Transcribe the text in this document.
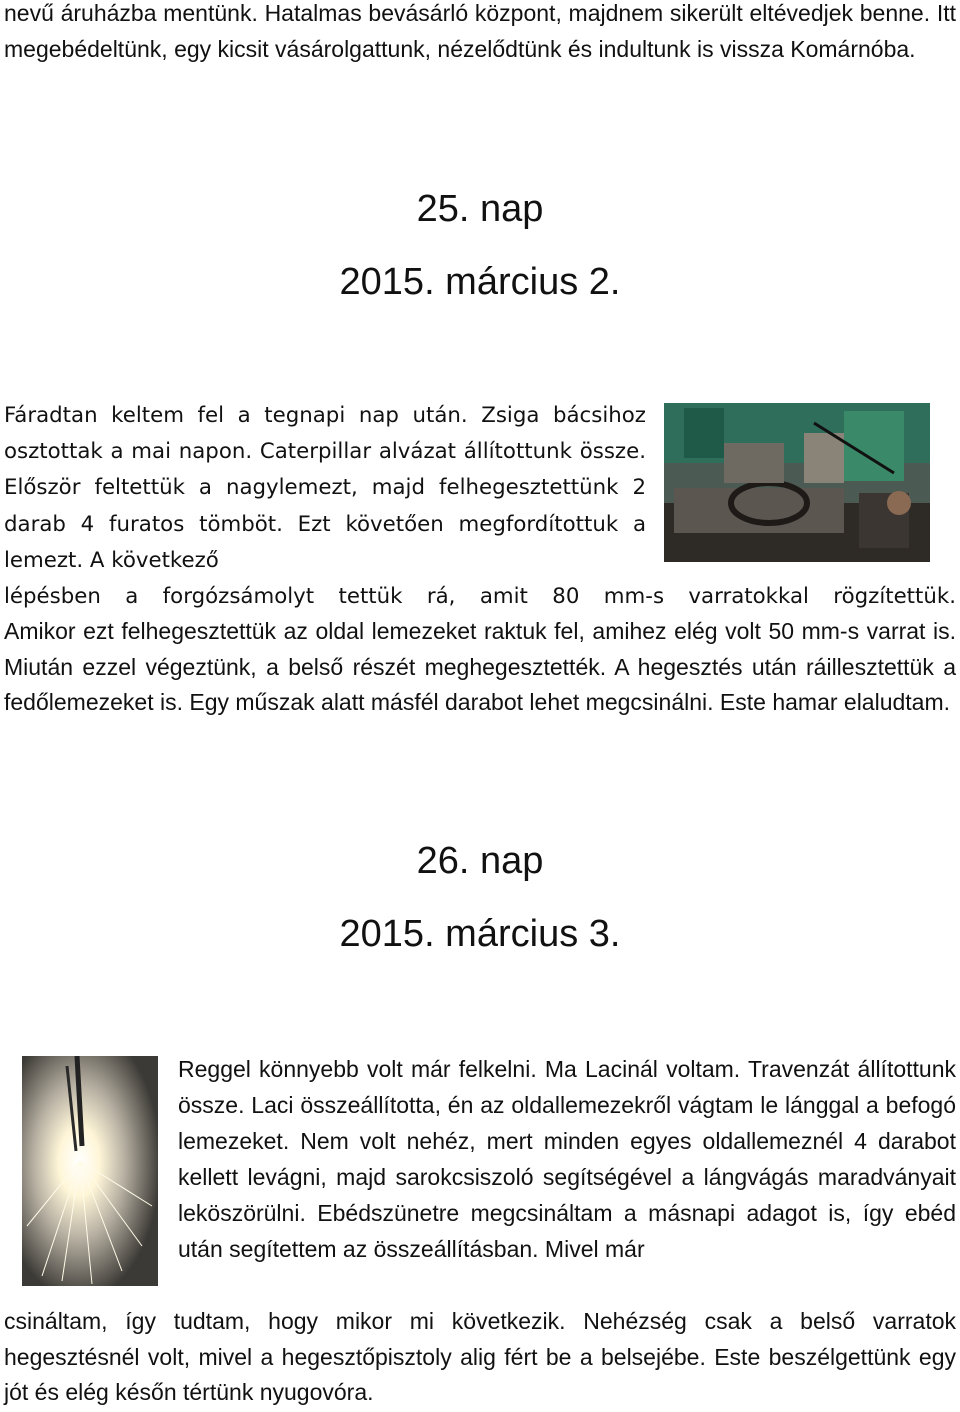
nevű áruházba mentünk. Hatalmas bevásárló központ, majdnem sikerült eltévedjek benne. Itt megebédeltünk, egy kicsit vásárolgattunk, nézelődtünk és indultunk is vissza Komárnóba.

25. nap
2015. március 2.

Fáradtan keltem fel a tegnapi nap után. Zsiga bácsihoz osztottak a mai napon. Caterpillar alvázat állítottunk össze. Először feltettük a nagylemezt, majd felhegesztettünk 2 darab 4 furatos tömböt. Ezt követően megfordítottuk a lemezt. A következő

lépésben a forgózsámolyt tettük rá, amit 80 mm-s varratokkal rögzítettük.

Amikor ezt felhegesztettük az oldal lemezeket raktuk fel, amihez elég volt 50 mm-s varrat is. Miután ezzel végeztünk, a belső részét meghegesztették. A hegesztés után ráillesztettük a fedőlemezeket is. Egy műszak alatt másfél darabot lehet megcsinálni. Este hamar elaludtam.

26. nap
2015. március 3.

Reggel könnyebb volt már felkelni. Ma Lacinál voltam. Travenzát állítottunk össze. Laci összeállította, én az oldallemezekről vágtam le lánggal a befogó lemezeket. Nem volt nehéz, mert minden egyes oldallemeznél 4 darabot kellett levágni, majd sarokcsiszoló segítségével a lángvágás maradványait leköszörülni. Ebédszünetre megcsináltam a másnapi adagot is, így ebéd után segítettem az összeállításban. Mivel már

csináltam, így tudtam, hogy mikor mi következik. Nehézség csak a belső varratok hegesztésnél volt, mivel a hegesztőpisztoly alig fért be a belsejébe. Este beszélgettünk egy jót és elég későn tértünk nyugovóra.
